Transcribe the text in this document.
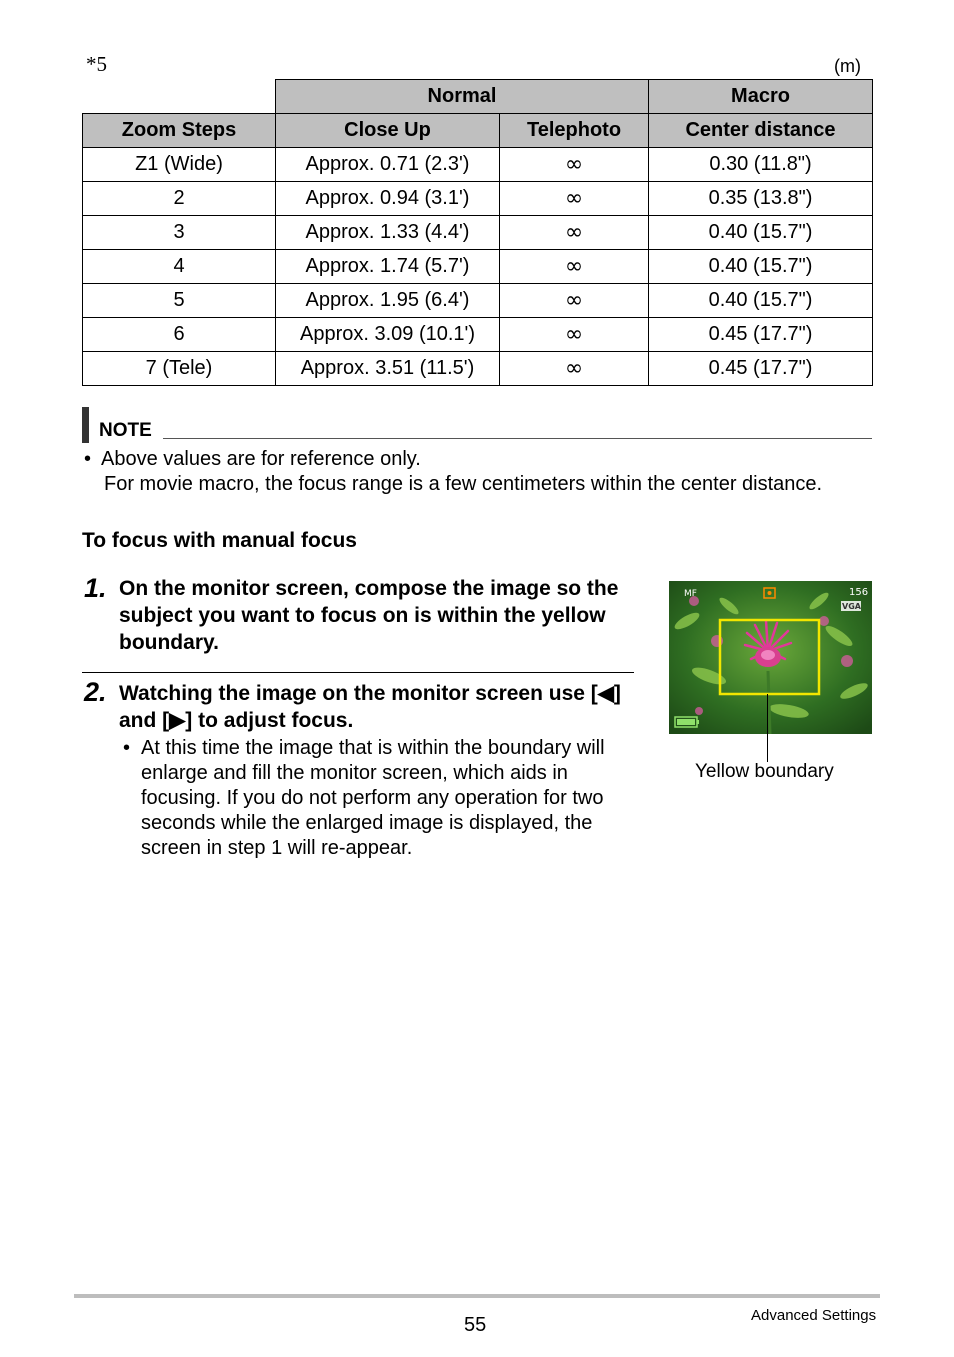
*5	(m)
	Normal		Macro
Zoom Steps	Close Up	Telephoto	Center distance
Z1 (Wide)	Approx. 0.71 (2.3')	∞	0.30 (11.8")
2	Approx. 0.94 (3.1')	∞	0.35 (13.8")
3	Approx. 1.33 (4.4')	∞	0.40 (15.7")
4	Approx. 1.74 (5.7')	∞	0.40 (15.7")
5	Approx. 1.95 (6.4')	∞	0.40 (15.7")
6	Approx. 3.09 (10.1')	∞	0.45 (17.7")
7 (Tele)	Approx. 3.51 (11.5')	∞	0.45 (17.7")
NOTE
• Above values are for reference only.
For movie macro, the focus range is a few centimeters within the center distance.
To focus with manual focus
1. On the monitor screen, compose the image so the subject you want to focus on is within the yellow boundary.
2. Watching the image on the monitor screen use [◀] and [▶] to adjust focus.
• At this time the image that is within the boundary will enlarge and fill the monitor screen, which aids in focusing. If you do not perform any operation for two seconds while the enlarged image is displayed, the screen in step 1 will re-appear.
MF	156
VGA
Yellow boundary
55	Advanced Settings
